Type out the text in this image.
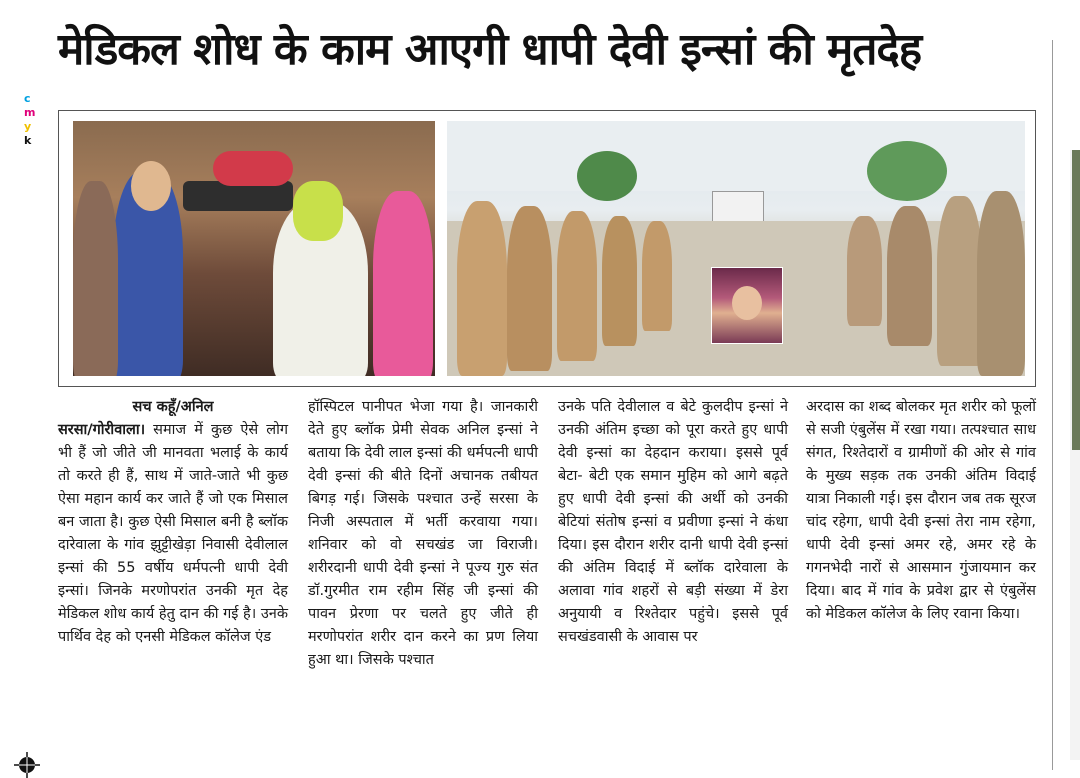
मेडिकल शोध के काम आएगी धापी देवी इन्सां की मृतदेह
c
m
y
k

सच कहूँ/अनिल

सरसा/गोरीवाला। समाज में कुछ ऐसे लोग भी हैं जो जीते जी मानवता भलाई के कार्य तो करते ही हैं, साथ में जाते-जाते भी कुछ ऐसा महान कार्य कर जाते हैं जो एक मिसाल बन जाता है। कुछ ऐसी मिसाल बनी है ब्लॉक दारेवाला के गांव झुट्टीखेड़ा निवासी देवीलाल इन्सां की 55 वर्षीय धर्मपत्नी धापी देवी इन्सां। जिनके मरणोपरांत उनकी मृत देह मेडिकल शोध कार्य हेतु दान की गई है। उनके पार्थिव देह को एनसी मेडिकल कॉलेज एंड

हॉस्पिटल पानीपत भेजा गया है। जानकारी देते हुए ब्लॉक प्रेमी सेवक अनिल इन्सां ने बताया कि देवी लाल इन्सां की धर्मपत्नी धापी देवी इन्सां की बीते दिनों अचानक तबीयत बिगड़ गई। जिसके पश्चात उन्हें सरसा के निजी अस्पताल में भर्ती करवाया गया। शनिवार को वो सचखंड जा विराजी। शरीरदानी धापी देवी इन्सां ने पूज्य गुरु संत डॉ.गुरमीत राम रहीम सिंह जी इन्सां की पावन प्रेरणा पर चलते हुए जीते ही मरणोपरांत शरीर दान करने का प्रण लिया हुआ था। जिसके पश्चात

उनके पति देवीलाल व बेटे कुलदीप इन्सां ने उनकी अंतिम इच्छा को पूरा करते हुए धापी देवी इन्सां का देहदान कराया। इससे पूर्व बेटा- बेटी एक समान मुहिम को आगे बढ़ते हुए धापी देवी इन्सां की अर्थी को उनकी बेटियां संतोष इन्सां व प्रवीणा इन्सां ने कंधा दिया। इस दौरान शरीर दानी धापी देवी इन्सां की अंतिम विदाई में ब्लॉक दारेवाला के अलावा गांव शहरों से बड़ी संख्या में डेरा अनुयायी व रिश्तेदार पहुंचे। इससे पूर्व सचखंडवासी के आवास पर

अरदास का शब्द बोलकर मृत शरीर को फूलों से सजी एंबुलेंस में रखा गया। तत्पश्चात साध संगत, रिश्तेदारों व ग्रामीणों की ओर से गांव के मुख्य सड़क तक उनकी अंतिम विदाई यात्रा निकाली गई। इस दौरान जब तक सूरज चांद रहेगा, धापी देवी इन्सां तेरा नाम रहेगा, धापी देवी इन्सां अमर रहे, अमर रहे के गगनभेदी नारों से आसमान गुंजायमान कर दिया। बाद में गांव के प्रवेश द्वार से एंबुलेंस को मेडिकल कॉलेज के लिए रवाना किया।
